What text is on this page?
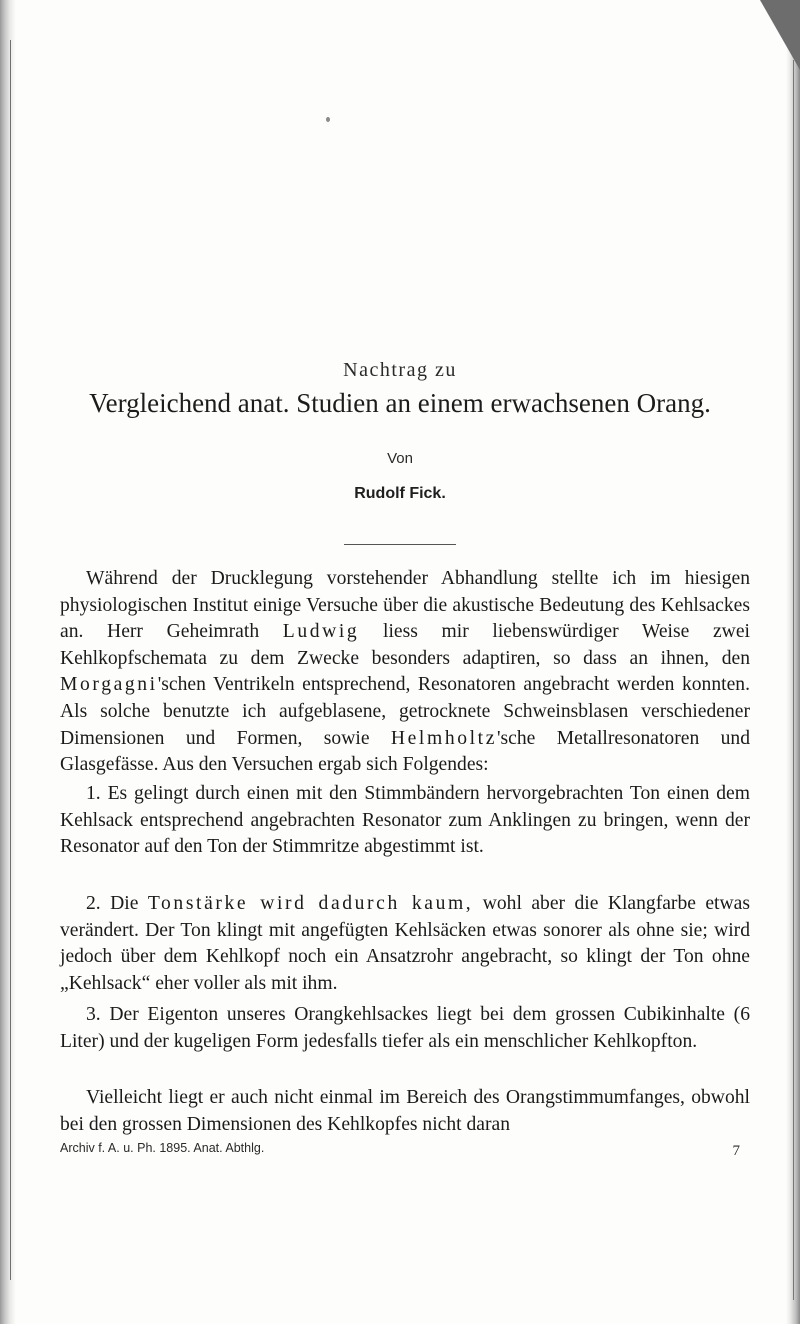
Nachtrag zu
Vergleichend anat. Studien an einem erwachsenen Orang.
Von
Rudolf Fick.

Während der Drucklegung vorstehender Abhandlung stellte ich im hiesigen physiologischen Institut einige Versuche über die akustische Bedeutung des Kehlsackes an. Herr Geheimrath Ludwig liess mir liebenswürdiger Weise zwei Kehlkopfschemata zu dem Zwecke besonders adaptiren, so dass an ihnen, den Morgagni'schen Ventrikeln entsprechend, Resonatoren angebracht werden konnten. Als solche benutzte ich aufgeblasene, getrocknete Schweinsblasen verschiedener Dimensionen und Formen, sowie Helmholtz'sche Metallresonatoren und Glasgefässe. Aus den Versuchen ergab sich Folgendes:

1. Es gelingt durch einen mit den Stimmbändern hervorgebrachten Ton einen dem Kehlsack entsprechend angebrachten Resonator zum Anklingen zu bringen, wenn der Resonator auf den Ton der Stimmritze abgestimmt ist.

2. Die Tonstärke wird dadurch kaum, wohl aber die Klangfarbe etwas verändert. Der Ton klingt mit angefügten Kehlsäcken etwas sonorer als ohne sie; wird jedoch über dem Kehlkopf noch ein Ansatzrohr angebracht, so klingt der Ton ohne „Kehlsack“ eher voller als mit ihm.

3. Der Eigenton unseres Orangkehlsackes liegt bei dem grossen Cubikinhalte (6 Liter) und der kugeligen Form jedesfalls tiefer als ein menschlicher Kehlkopfton.

Vielleicht liegt er auch nicht einmal im Bereich des Orangstimmumfanges, obwohl bei den grossen Dimensionen des Kehlkopfes nicht daran

Archiv f. A. u. Ph. 1895. Anat. Abthlg.	7
